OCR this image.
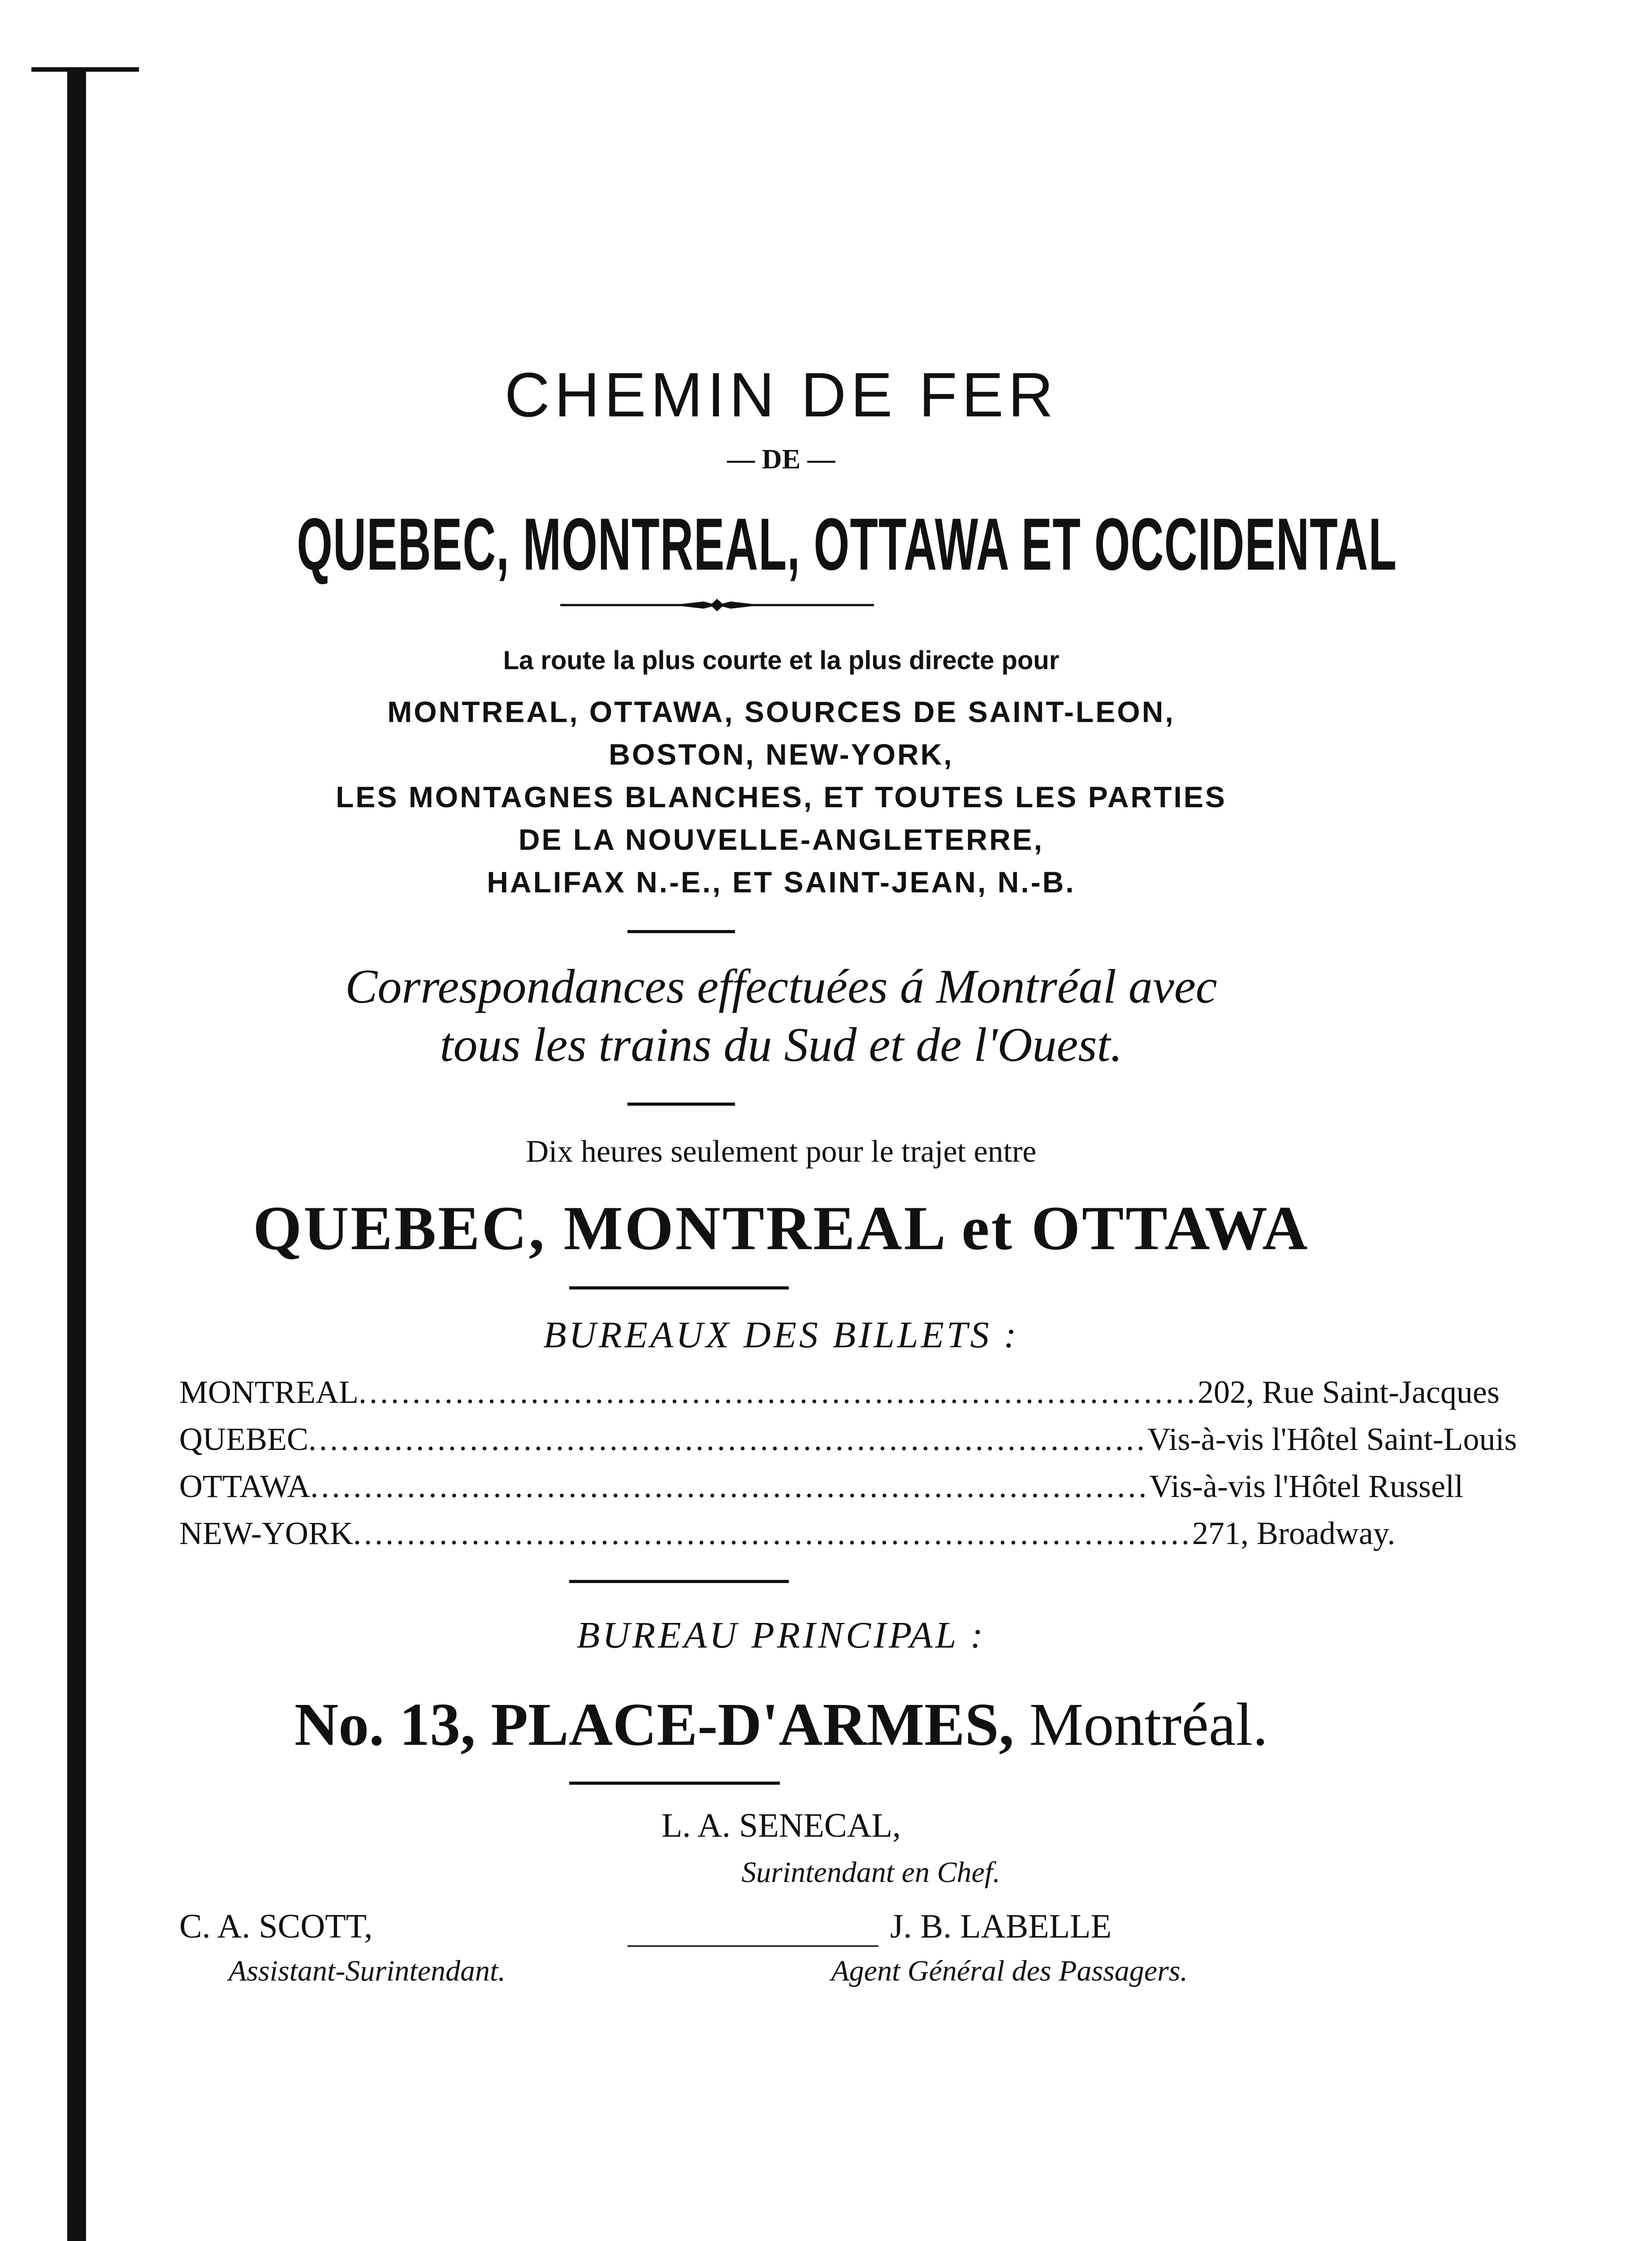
CHEMIN DE FER
— DE —
QUEBEC, MONTREAL, OTTAWA ET OCCIDENTAL
La route la plus courte et la plus directe pour
MONTREAL, OTTAWA, SOURCES DE SAINT-LEON,
BOSTON, NEW-YORK,
LES MONTAGNES BLANCHES, ET TOUTES LES PARTIES
DE LA NOUVELLE-ANGLETERRE,
HALIFAX N.-E., ET SAINT-JEAN, N.-B.
Correspondances effectuées á Montréal avec
tous les trains du Sud et de l'Ouest.
Dix heures seulement pour le trajet entre
QUEBEC, MONTREAL et OTTAWA
BUREAUX DES BILLETS :
MONTREAL .............................................................................. 202, Rue Saint-Jacques
QUEBEC .............................................................................. Vis-à-vis l'Hôtel Saint-Louis
OTTAWA .............................................................................. Vis-à-vis l'Hôtel Russell
NEW-YORK .............................................................................. 271, Broadway.
BUREAU PRINCIPAL :
No. 13, PLACE-D'ARMES, Montréal.
L. A. SENECAL,
Surintendant en Chef.
C. A. SCOTT,
Assistant-Surintendant.
J. B. LABELLE
Agent Général des Passagers.
